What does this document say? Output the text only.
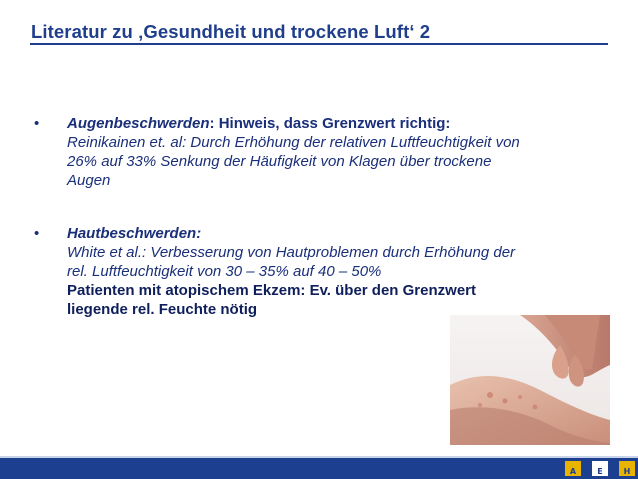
Literatur zu ‚Gesundheit und trockene Luft‘ 2
• Augenbeschwerden: Hinweis, dass Grenzwert richtig:
Reinikainen et. al: Durch Erhöhung der relativen Luftfeuchtigkeit von
26% auf 33% Senkung der Häufigkeit von Klagen über trockene
Augen
• Hautbeschwerden:
White et al.: Verbesserung von Hautproblemen durch Erhöhung der
rel. Luftfeuchtigkeit von 30 – 35% auf 40 – 50%
Patienten mit atopischem Ekzem: Ev. über den Grenzwert
liegende rel. Feuchte nötig
A	E	H
